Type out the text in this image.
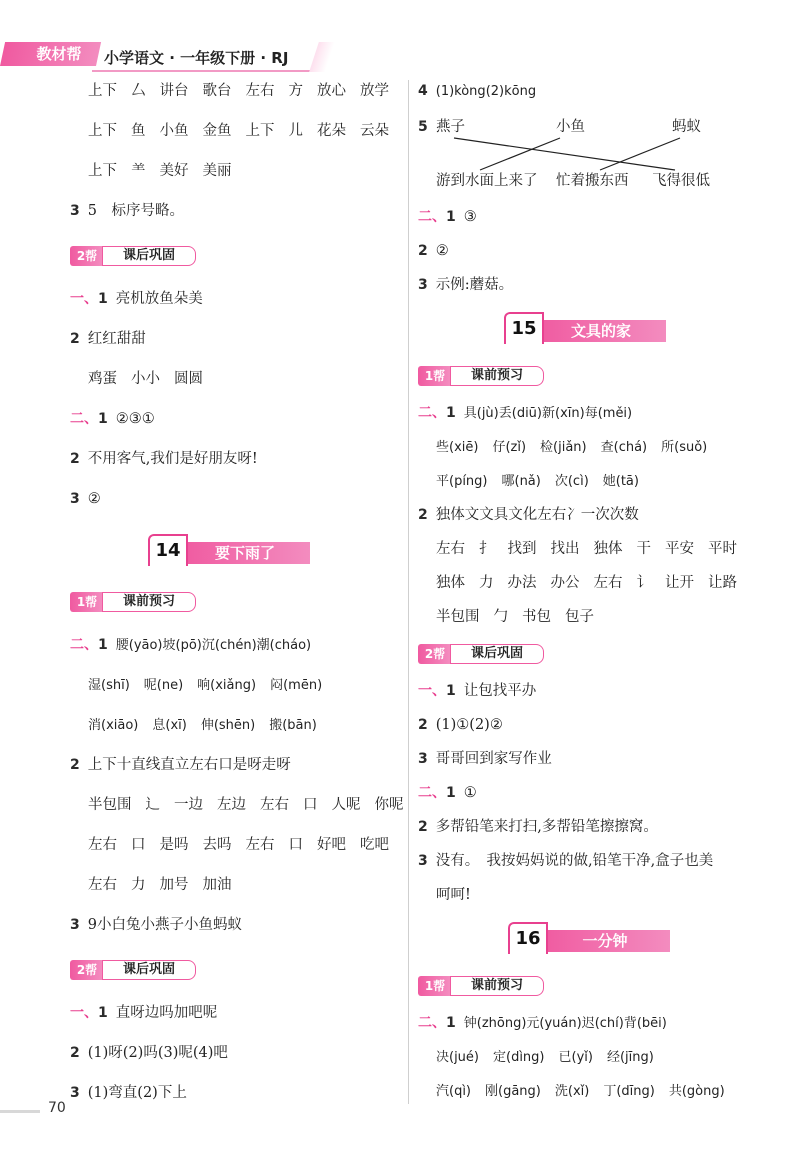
教材帮	小学语文 · 一年级下册 · RJ
上下 厶 讲台 歌台 左右 方 放心 放学
上下 鱼 小鱼 金鱼 上下 儿 花朵 云朵
上下 ⺷ 美好 美丽
3 5　标序号略。
2帮	课后巩固
一、1 亮机放鱼朵美
2 红红甜甜
鸡蛋 小小 圆圆
二、1 ②③①
2 不用客气,我们是好朋友呀!
3 ②
要下雨了
14
1帮	课前预习
二、1 腰(yāo)坡(pō)沉(chén)潮(cháo)
湿(shī) 呢(ne) 响(xiǎng) 闷(mēn)
消(xiāo) 息(xī) 伸(shēn) 搬(bān)
2 上下十直线直立左右口是呀走呀
半包围 辶 一边 左边 左右 口 人呢 你呢
左右 口 是吗 去吗 左右 口 好吧 吃吧
左右 力 加号 加油
3 9小白兔小燕子小鱼蚂蚁
2帮	课后巩固
一、1 直呀边吗加吧呢
2 (1)呀(2)吗(3)呢(4)吧
3 (1)弯直(2)下上
4 (1)kòng(2)kōng
5 燕子	小鱼	蚂蚁
游到水面上来了 忙着搬东西 飞得很低
二、1 ③
2 ②
3 示例:蘑菇。
文具的家
15
1帮	课前预习
二、1 具(jù)丢(diū)新(xīn)每(měi)
些(xiē) 仔(zǐ) 检(jiǎn) 查(chá) 所(suǒ)
平(píng) 哪(nǎ) 次(cì) 她(tā)
2 独体文文具文化左右冫一次次数
左右 扌 找到 找出 独体 干 平安 平时
独体 力 办法 办公 左右 讠 让开 让路
半包围 勹 书包 包子
2帮	课后巩固
一、1 让包找平办
2 (1)①(2)②
3 哥哥回到家写作业
二、1 ①
2 多帮铅笔来打扫,多帮铅笔擦擦窝。
3 没有。　我按妈妈说的做,铅笔干净,盒子也美
呵呵!
一分钟
16
1帮	课前预习
二、1 钟(zhōng)元(yuán)迟(chí)背(bēi)
决(jué) 定(dìng) 已(yǐ) 经(jīng)
汽(qì) 刚(gāng) 洗(xǐ) 丁(dīng) 共(gòng)
70
